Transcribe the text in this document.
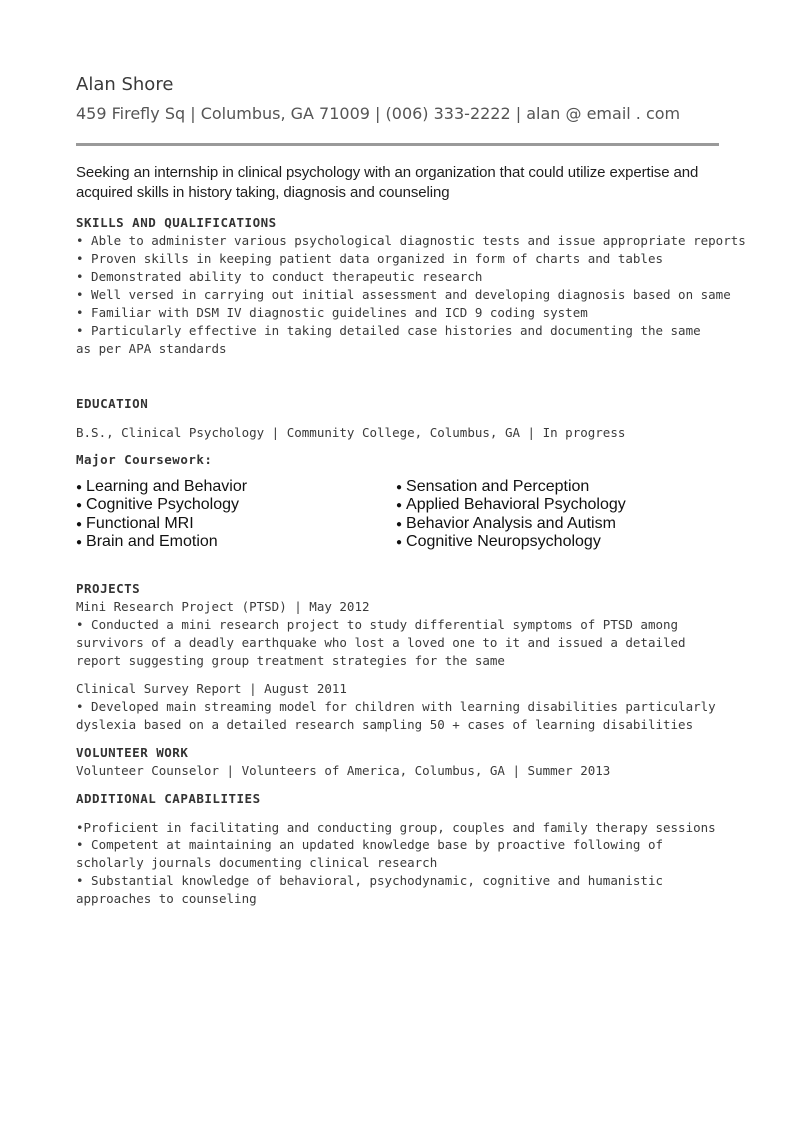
Alan Shore
459 Firefly Sq | Columbus, GA 71009 | (006) 333-2222 | alan @ email . com
Seeking an internship in clinical psychology with an organization that could utilize expertise and acquired skills in history taking, diagnosis and counseling
SKILLS AND QUALIFICATIONS
• Able to administer various psychological diagnostic tests and issue appropriate reports
• Proven skills in keeping patient data organized in form of charts and tables
• Demonstrated ability to conduct therapeutic research
• Well versed in carrying out initial assessment and developing diagnosis based on same
• Familiar with DSM IV diagnostic guidelines and ICD 9 coding system
• Particularly effective in taking detailed case histories and documenting the same as per APA standards
EDUCATION
B.S., Clinical Psychology | Community College, Columbus, GA | In progress
Major Coursework:
● Learning and Behavior
● Cognitive Psychology
● Functional MRI
● Brain and Emotion
● Sensation and Perception
● Applied Behavioral Psychology
● Behavior Analysis and Autism
● Cognitive Neuropsychology
PROJECTS
Mini Research Project (PTSD) | May 2012
• Conducted a mini research project to study differential symptoms of PTSD among survivors of a deadly earthquake who lost a loved one to it and issued a detailed report suggesting group treatment strategies for the same
Clinical Survey Report | August 2011
• Developed main streaming model for children with learning disabilities particularly dyslexia based on a detailed research sampling 50 + cases of learning disabilities
VOLUNTEER WORK
Volunteer Counselor | Volunteers of America, Columbus, GA | Summer 2013
ADDITIONAL CAPABILITIES
•Proficient in facilitating and conducting group, couples and family therapy sessions
• Competent at maintaining an updated knowledge base by proactive following of scholarly journals documenting clinical research
• Substantial knowledge of behavioral, psychodynamic, cognitive and humanistic approaches to counseling
